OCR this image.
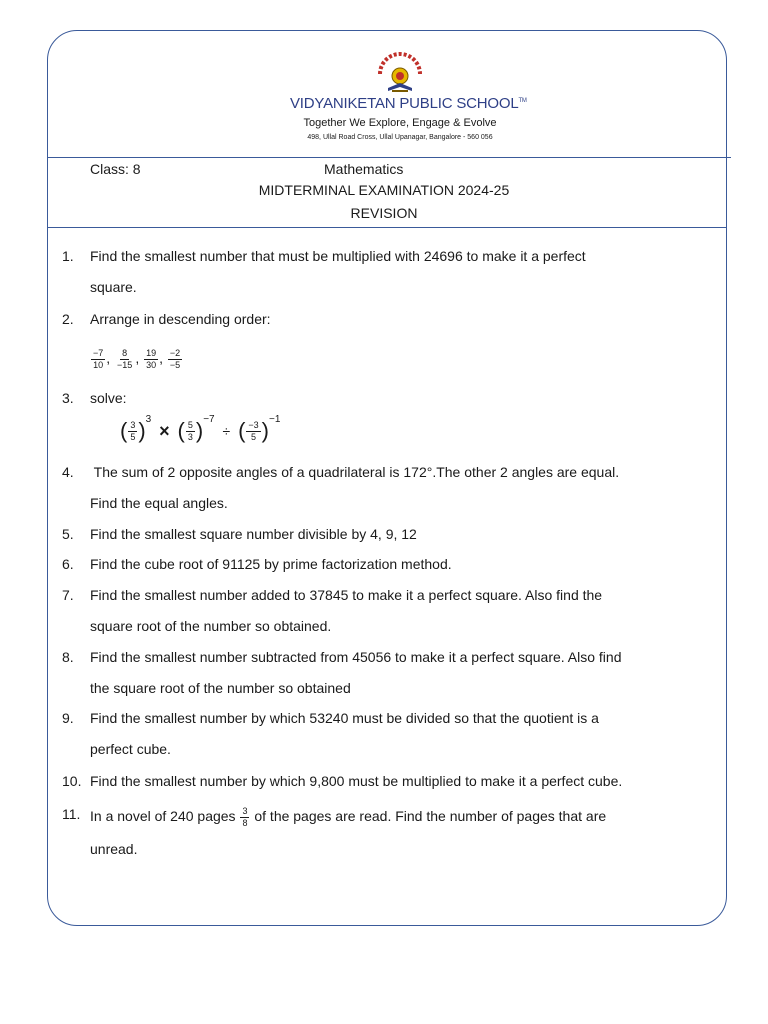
VIDYANIKETAN PUBLIC SCHOOL™
Together We Explore, Engage & Evolve
498, Ullal Road Cross, Ullal Upanagar, Bangalore - 560 056
Class: 8	Mathematics
MIDTERMINAL EXAMINATION 2024-25
REVISION
1.	Find the smallest number that must be multiplied with 24696 to make it a perfect
square.
2.	Arrange in descending order:
$\frac{-7}{10}$ , $\frac{8}{-15}$ , $\frac{19}{30}$ , $\frac{-2}{-5}$
3.	solve:
( $\frac{3}{5} )^3$ × ( $\frac{5}{3} )^{-7}$ ÷ ( $\frac{-3}{5} )^{-1}$
4.	The sum of 2 opposite angles of a quadrilateral is 172°.The other 2 angles are equal.
Find the equal angles.
5.	Find the smallest square number divisible by 4, 9, 12
6.	Find the cube root of 91125 by prime factorization method.
7.	Find the smallest number added to 37845 to make it a perfect square. Also find the
square root of the number so obtained.
8.	Find the smallest number subtracted from 45056 to make it a perfect square. Also find
the square root of the number so obtained
9.	Find the smallest number by which 53240 must be divided so that the quotient is a
perfect cube.
10. Find the smallest number by which 9,800 must be multiplied to make it a perfect cube.
11. In a novel of 240 pages $\frac{3}{8}$ of the pages are read. Find the number of pages that are
unread.
